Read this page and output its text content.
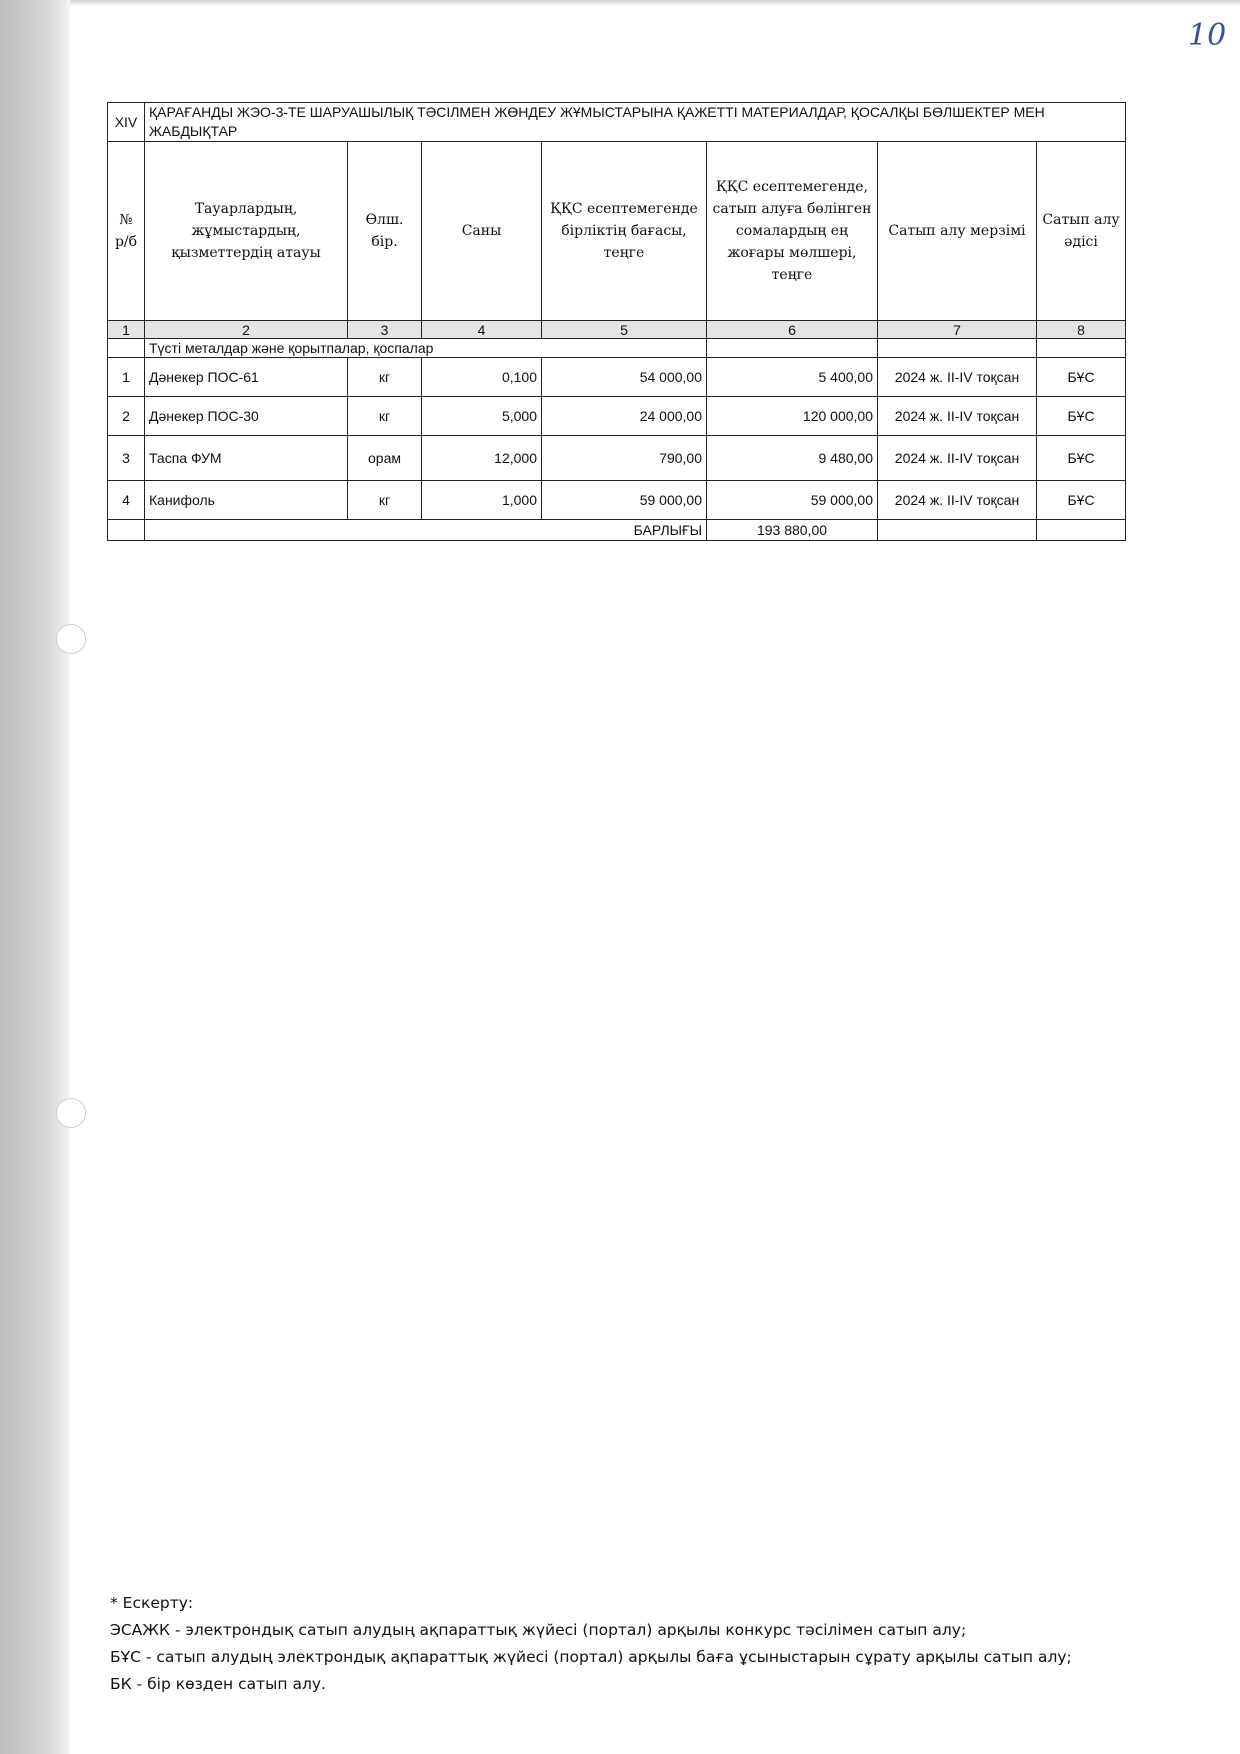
10
XIV	ҚАРАҒАНДЫ ЖЭО-3-ТЕ ШАРУАШЫЛЫҚ ТӘСІЛМЕН ЖӨНДЕУ ЖҰМЫСТАРЫНА ҚАЖЕТТІ МАТЕРИАЛДАР, ҚОСАЛҚЫ БӨЛШЕКТЕР МЕН ЖАБДЫҚТАР						
№ р/б	Тауарлардың, жұмыстардың, қызметтердің атауы	Өлш. бір.	Саны	ҚҚС есептемегенде бірліктің бағасы, теңге	ҚҚС есептемегенде, сатып алуға бөлінген сомалардың ең жоғары мөлшері, теңге	Сатып алу мерзімі	Сатып алу әдісі
1	2	3	4	5	6	7	8
	Түсті металдар және қорытпалар, қоспалар						
1	Дәнекер ПОС-61	кг	0,100	54 000,00	5 400,00	2024 ж. II-IV тоқсан	БҰС
2	Дәнекер ПОС-30	кг	5,000	24 000,00	120 000,00	2024 ж. II-IV тоқсан	БҰС
3	Таспа ФУМ	орам	12,000	790,00	9 480,00	2024 ж. II-IV тоқсан	БҰС
4	Канифоль	кг	1,000	59 000,00	59 000,00	2024 ж. II-IV тоқсан	БҰС
	БАРЛЫҒЫ				193 880,00		
* Ескерту:
ЭСАЖК - электрондық сатып алудың ақпараттық жүйесі (портал) арқылы конкурс тәсілімен сатып алу;
БҰС - сатып алудың электрондық ақпараттық жүйесі (портал) арқылы баға ұсыныстарын сұрату арқылы сатып алу;
БК - бір көзден сатып алу.
